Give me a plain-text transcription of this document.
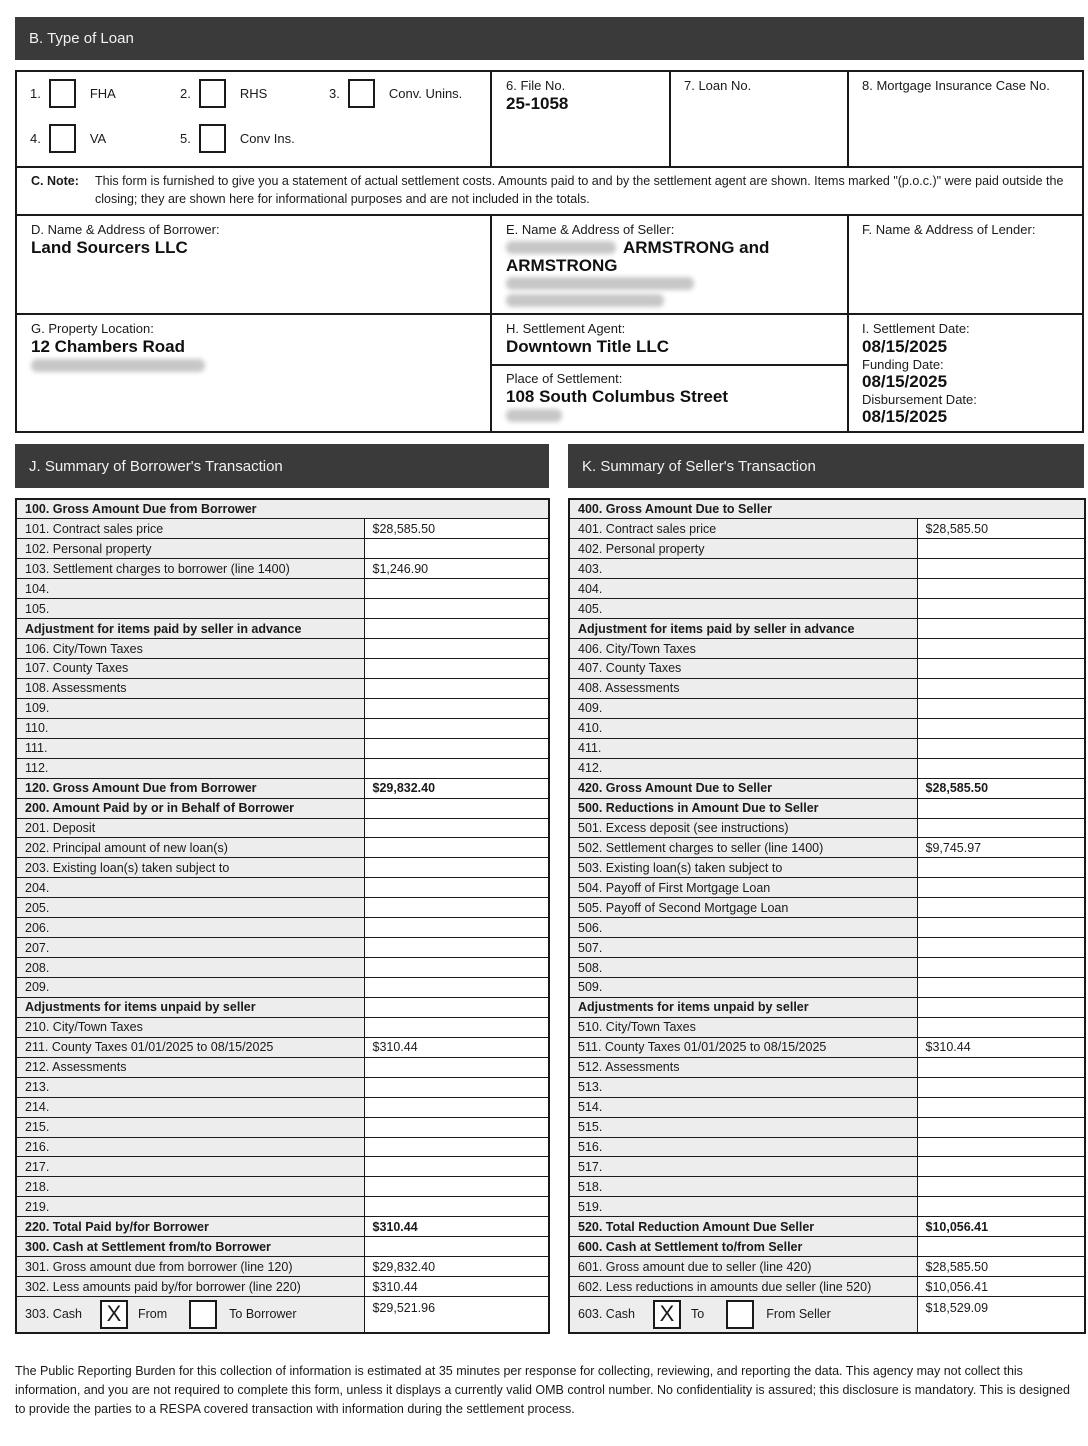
B. Type of Loan
1.	FHA	2.	RHS	3.	Conv. Unins.
4.	VA	5.	Conv Ins.
6. File No.
25-1058
7. Loan No.	8. Mortgage Insurance Case No.
C. Note: This form is furnished to give you a statement of actual settlement costs. Amounts paid to and by the settlement agent are shown. Items marked "(p.o.c.)" were paid outside the closing; they are shown here for informational purposes and are not included in the totals.
D. Name & Address of Borrower:
Land Sourcers LLC
E. Name & Address of Seller:
ARMSTRONG and
ARMSTRONG
F. Name & Address of Lender:
G. Property Location:
12 Chambers Road
H. Settlement Agent:
Downtown Title LLC
Place of Settlement:
108 South Columbus Street
I. Settlement Date:
08/15/2025
Funding Date:
08/15/2025
Disbursement Date:
08/15/2025
J. Summary of Borrower's Transaction	K. Summary of Seller's Transaction
100. Gross Amount Due from Borrower	
101. Contract sales price	$28,585.50
102. Personal property	
103. Settlement charges to borrower (line 1400)	$1,246.90
104.	
105.	
Adjustment for items paid by seller in advance	
106. City/Town Taxes	
107. County Taxes	
108. Assessments	
109.	
110.	
111.	
112.	
120. Gross Amount Due from Borrower	$29,832.40
200. Amount Paid by or in Behalf of Borrower	
201. Deposit	
202. Principal amount of new loan(s)	
203. Existing loan(s) taken subject to	
204.	
205.	
206.	
207.	
208.	
209.	
Adjustments for items unpaid by seller	
210. City/Town Taxes	
211. County Taxes 01/01/2025 to 08/15/2025	$310.44
212. Assessments	
213.	
214.	
215.	
216.	
217.	
218.	
219.	
220. Total Paid by/for Borrower	$310.44
300. Cash at Settlement from/to Borrower	
301. Gross amount due from borrower (line 120)	$29,832.40
302. Less amounts paid by/for borrower (line 220)	$310.44

303. Cash X From To Borrower	$29,521.96
400. Gross Amount Due to Seller	
401. Contract sales price	$28,585.50
402. Personal property	
403.	
404.	
405.	
Adjustment for items paid by seller in advance	
406. City/Town Taxes	
407. County Taxes	
408. Assessments	
409.	
410.	
411.	
412.	
420. Gross Amount Due to Seller	$28,585.50
500. Reductions in Amount Due to Seller	
501. Excess deposit (see instructions)	
502. Settlement charges to seller (line 1400)	$9,745.97
503. Existing loan(s) taken subject to	
504. Payoff of First Mortgage Loan	
505. Payoff of Second Mortgage Loan	
506.	
507.	
508.	
509.	
Adjustments for items unpaid by seller	
510. City/Town Taxes	
511. County Taxes 01/01/2025 to 08/15/2025	$310.44
512. Assessments	
513.	
514.	
515.	
516.	
517.	
518.	
519.	
520. Total Reduction Amount Due Seller	$10,056.41
600. Cash at Settlement to/from Seller	
601. Gross amount due to seller (line 420)	$28,585.50
602. Less reductions in amounts due seller (line 520)	$10,056.41

603. Cash X To From Seller	$18,529.09
The Public Reporting Burden for this collection of information is estimated at 35 minutes per response for collecting, reviewing, and reporting the data. This agency may not collect this information, and you are not required to complete this form, unless it displays a currently valid OMB control number. No confidentiality is assured; this disclosure is mandatory. This is designed to provide the parties to a RESPA covered transaction with information during the settlement process.
